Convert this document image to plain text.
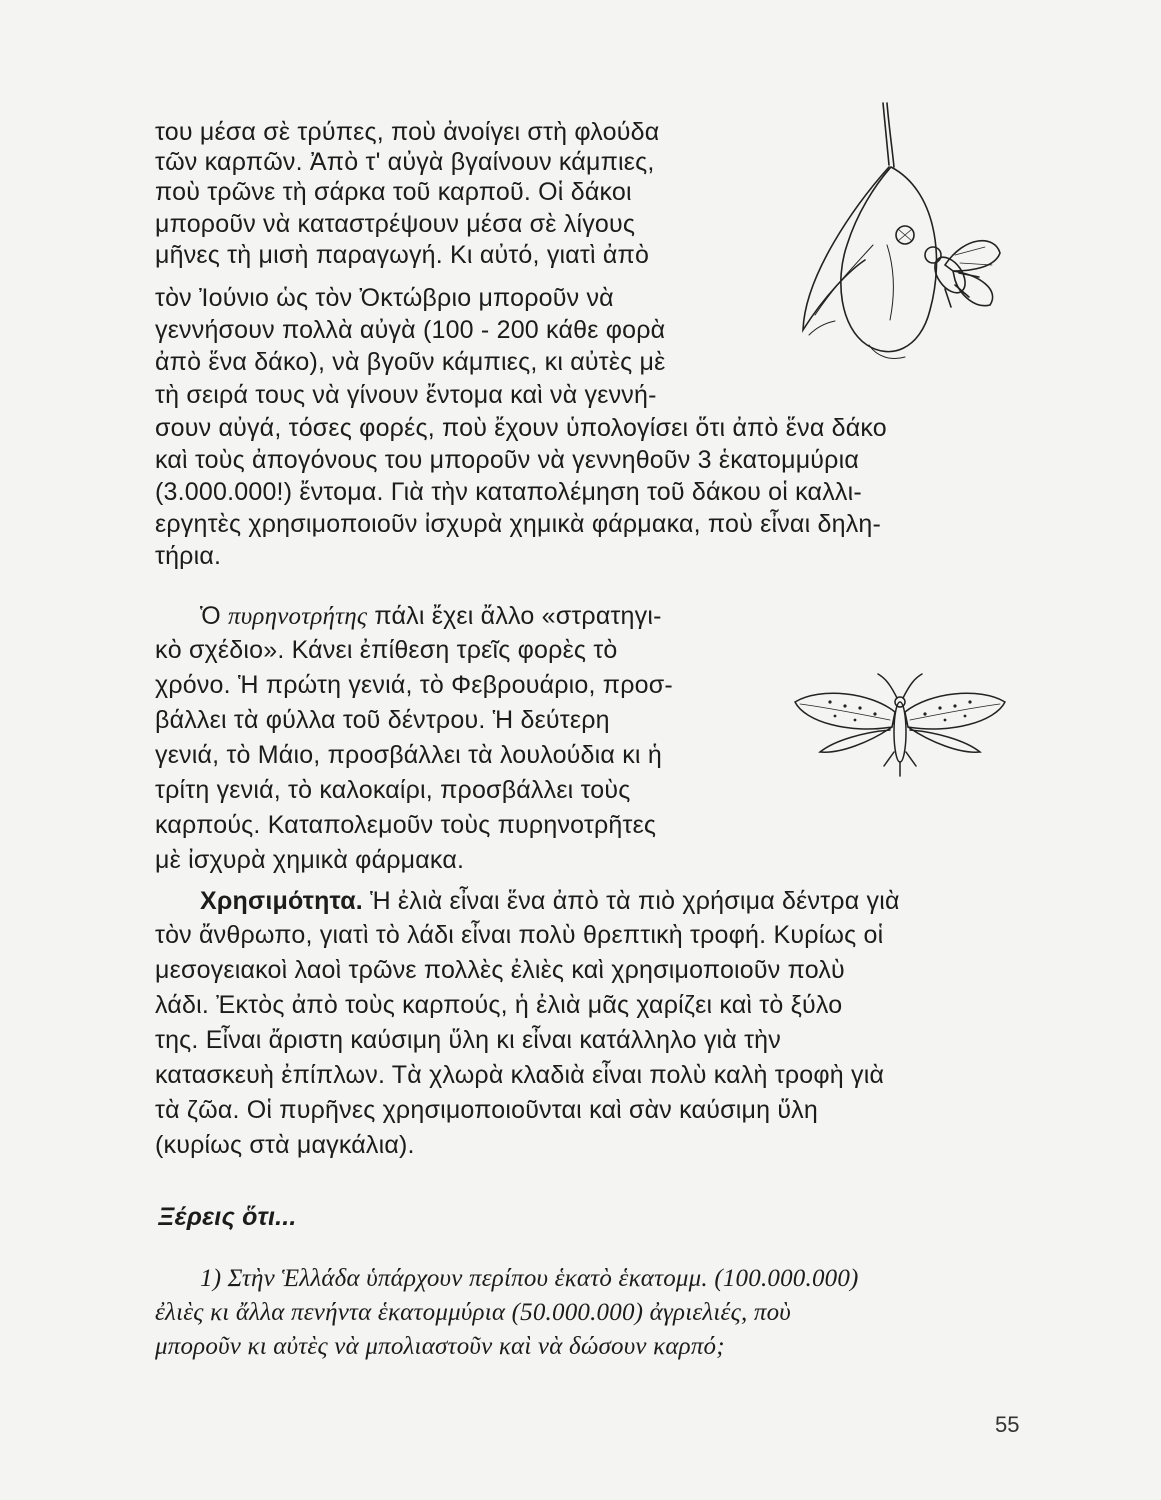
του μέσα σὲ τρύπες, ποὺ ἀνοίγει στὴ φλούδα
τῶν καρπῶν. Ἀπὸ τ' αὐγὰ βγαίνουν κάμπιες,
ποὺ τρῶνε τὴ σάρκα τοῦ καρποῦ. Οἱ δάκοι
μποροῦν νὰ καταστρέψουν μέσα σὲ λίγους
μῆνες τὴ μισὴ παραγωγή. Κι αὐτό, γιατὶ ἀπὸ
τὸν Ἰούνιο ὡς τὸν Ὀκτώβριο μποροῦν νὰ
γεννήσουν πολλὰ αὐγὰ (100 - 200 κάθε φορὰ
ἀπὸ ἕνα δάκο), νὰ βγοῦν κάμπιες, κι αὐτὲς μὲ
τὴ σειρά τους νὰ γίνουν ἔντομα καὶ νὰ γεννή-
σουν αὐγά, τόσες φορές, ποὺ ἔχουν ὑπολογίσει ὅτι ἀπὸ ἕνα δάκο
καὶ τοὺς ἀπογόνους του μποροῦν νὰ γεννηθοῦν 3 ἑκατομμύρια
(3.000.000!) ἔντομα. Γιὰ τὴν καταπολέμηση τοῦ δάκου οἱ καλλι-
εργητὲς χρησιμοποιοῦν ἰσχυρὰ χημικὰ φάρμακα, ποὺ εἶναι δηλη-
τήρια.
Ὁ πυρηνοτρήτης πάλι ἔχει ἄλλο «στρατηγι-
κὸ σχέδιο». Κάνει ἐπίθεση τρεῖς φορὲς τὸ
χρόνο. Ἡ πρώτη γενιά, τὸ Φεβρουάριο, προσ-
βάλλει τὰ φύλλα τοῦ δέντρου. Ἡ δεύτερη
γενιά, τὸ Μάιο, προσβάλλει τὰ λουλούδια κι ἡ
τρίτη γενιά, τὸ καλοκαίρι, προσβάλλει τοὺς
καρπούς. Καταπολεμοῦν τοὺς πυρηνοτρῆτες
μὲ ἰσχυρὰ χημικὰ φάρμακα.
Χρησιμότητα. Ἡ ἐλιὰ εἶναι ἕνα ἀπὸ τὰ πιὸ χρήσιμα δέντρα γιὰ
τὸν ἄνθρωπο, γιατὶ τὸ λάδι εἶναι πολὺ θρεπτικὴ τροφή. Κυρίως οἱ
μεσογειακοὶ λαοὶ τρῶνε πολλὲς ἐλιὲς καὶ χρησιμοποιοῦν πολὺ
λάδι. Ἐκτὸς ἀπὸ τοὺς καρπούς, ἡ ἐλιὰ μᾶς χαρίζει καὶ τὸ ξύλο
της. Εἶναι ἄριστη καύσιμη ὕλη κι εἶναι κατάλληλο γιὰ τὴν
κατασκευὴ ἐπίπλων. Τὰ χλωρὰ κλαδιὰ εἶναι πολὺ καλὴ τροφὴ γιὰ
τὰ ζῶα. Οἱ πυρῆνες χρησιμοποιοῦνται καὶ σὰν καύσιμη ὕλη
(κυρίως στὰ μαγκάλια).
Ξέρεις ὅτι...
1) Στὴν Ἑλλάδα ὑπάρχουν περίπου ἑκατὸ ἑκατομμ. (100.000.000)
ἐλιὲς κι ἄλλα πενήντα ἑκατομμύρια (50.000.000) ἀγριελιές, ποὺ
μποροῦν κι αὐτὲς νὰ μπολιαστοῦν καὶ νὰ δώσουν καρπό;
55
